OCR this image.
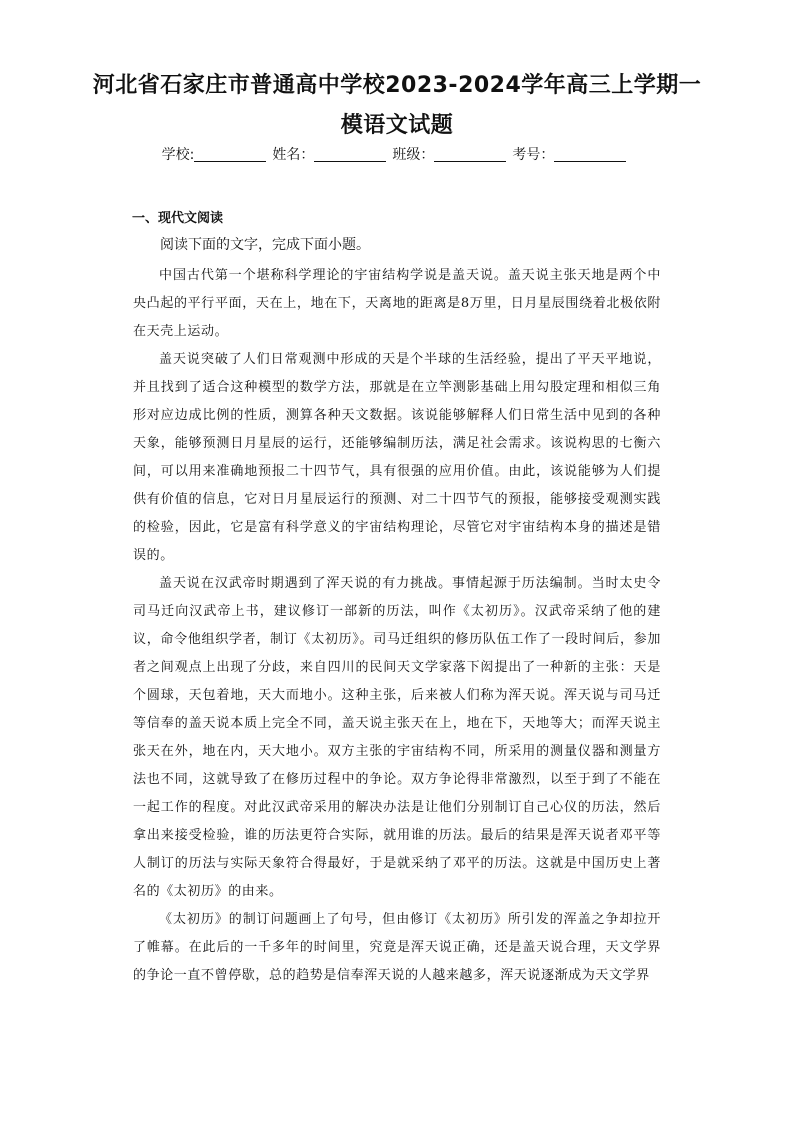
河北省石家庄市普通高中学校2023-2024学年高三上学期一
模语文试题
学校:	姓名：	班级：	考号：
一、现代文阅读
阅读下面的文字，完成下面小题。

中国古代第一个堪称科学理论的宇宙结构学说是盖天说。盖天说主张天地是两个中央凸起的平行平面，天在上，地在下，天离地的距离是8万里，日月星辰围绕着北极依附在天壳上运动。

盖天说突破了人们日常观测中形成的天是个半球的生活经验，提出了平天平地说，并且找到了适合这种模型的数学方法，那就是在立竿测影基础上用勾股定理和相似三角形对应边成比例的性质，测算各种天文数据。该说能够解释人们日常生活中见到的各种天象，能够预测日月星辰的运行，还能够编制历法，满足社会需求。该说构思的七衡六间，可以用来准确地预报二十四节气，具有很强的应用价值。由此，该说能够为人们提供有价值的信息，它对日月星辰运行的预测、对二十四节气的预报，能够接受观测实践的检验，因此，它是富有科学意义的宇宙结构理论，尽管它对宇宙结构本身的描述是错误的。

盖天说在汉武帝时期遇到了浑天说的有力挑战。事情起源于历法编制。当时太史令司马迁向汉武帝上书，建议修订一部新的历法，叫作《太初历》。汉武帝采纳了他的建议，命令他组织学者，制订《太初历》。司马迁组织的修历队伍工作了一段时间后，参加者之间观点上出现了分歧，来自四川的民间天文学家落下闳提出了一种新的主张：天是个圆球，天包着地，天大而地小。这种主张，后来被人们称为浑天说。浑天说与司马迁等信奉的盖天说本质上完全不同，盖天说主张天在上，地在下，天地等大；而浑天说主张天在外，地在内，天大地小。双方主张的宇宙结构不同，所采用的测量仪器和测量方法也不同，这就导致了在修历过程中的争论。双方争论得非常激烈，以至于到了不能在一起工作的程度。对此汉武帝采用的解决办法是让他们分别制订自己心仪的历法，然后拿出来接受检验，谁的历法更符合实际，就用谁的历法。最后的结果是浑天说者邓平等人制订的历法与实际天象符合得最好，于是就采纳了邓平的历法。这就是中国历史上著名的《太初历》的由来。

《太初历》的制订问题画上了句号，但由修订《太初历》所引发的浑盖之争却拉开了帷幕。在此后的一千多年的时间里，究竟是浑天说正确，还是盖天说合理，天文学界的争论一直不曾停歇，总的趋势是信奉浑天说的人越来越多，浑天说逐渐成为天文学界
